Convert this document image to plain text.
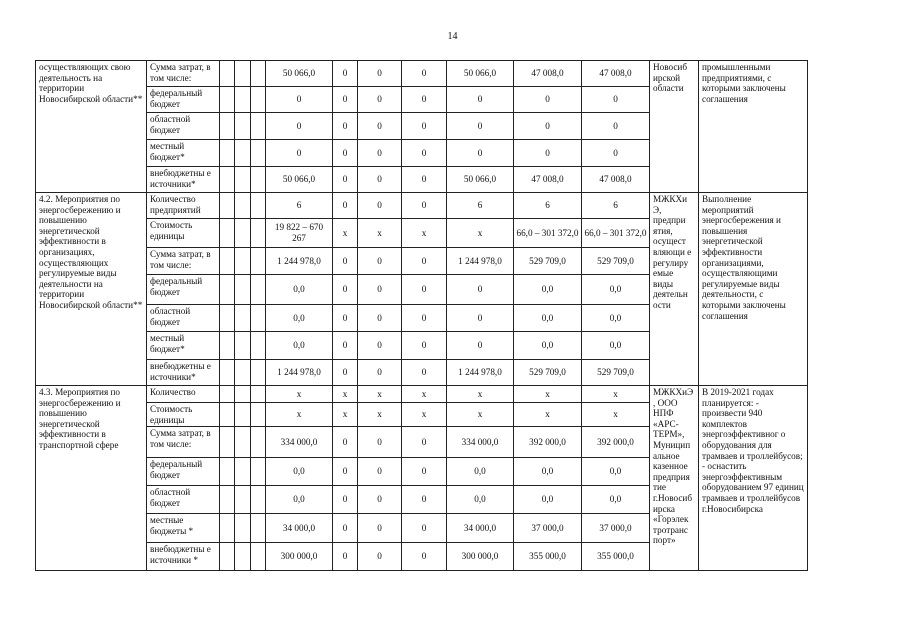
14
осуществляющих свою деятельность на территории Новосибирской области**	Сумма затрат, в том числе:				50 066,0	0	0	0	50 066,0	47 008,0	47 008,0	Новосиб ирской области	промышленными предприятиями, с которыми заключены соглашения
	федеральный бюджет				0	0	0	0	0	0	0		
	областной бюджет				0	0	0	0	0	0	0		
	местный бюджет*				0	0	0	0	0	0	0		
	внебюджетны е источники*				50 066,0	0	0	0	50 066,0	47 008,0	47 008,0		
4.2. Мероприятия по энергосбережению и повышению энергетической эффективности в организациях, осуществляющих регулируемые виды деятельности на территории Новосибирской области**	Количество предприятий				6	0	0	0	6	6	6	МЖКХи Э, предпри ятия, осущест вляющи е регулиру емые виды деятельн ости	Выполнение мероприятий энергосбережения и повышения энергетической эффективности организациями, осуществляющими регулируемые виды деятельности, с которыми заключены соглашения
	Стоимость единицы				19 822 – 670 267	x	x	x	x	66,0 – 301 372,0	66,0 – 301 372,0		
	Сумма затрат, в том числе:				1 244 978,0	0	0	0	1 244 978,0	529 709,0	529 709,0		
	федеральный бюджет				0,0	0	0	0	0	0,0	0,0		
	областной бюджет				0,0	0	0	0	0	0,0	0,0		
	местный бюджет*				0,0	0	0	0	0	0,0	0,0		
	внебюджетны е источники*				1 244 978,0	0	0	0	1 244 978,0	529 709,0	529 709,0		
4.3. Мероприятия по энергосбережению и повышению энергетической эффективности в транспортной сфере	Количество				x	x	x	x	x	x	x	МЖКХиЭ , ООО НПФ «АРС-ТЕРМ», Муницип альное казенное предприя тие г.Новосиб ирска «Горэлек тротранс порт»	В 2019-2021 годах планируется: - произвести 940 комплектов энергоэффективног о оборудования для трамваев и троллейбусов; - оснастить энергоэффективным оборудованием 97 единиц трамваев и троллейбусов г.Новосибирска
	Стоимость единицы				x	x	x	x	x	x	x		
	Сумма затрат, в том числе:				334 000,0	0	0	0	334 000,0	392 000,0	392 000,0		
	федеральный бюджет				0,0	0	0	0	0,0	0,0	0,0		
	областной бюджет				0,0	0	0	0	0,0	0,0	0,0		
	местные бюджеты *				34 000,0	0	0	0	34 000,0	37 000,0	37 000,0		
	внебюджетны е источники *				300 000,0	0	0	0	300 000,0	355 000,0	355 000,0		
